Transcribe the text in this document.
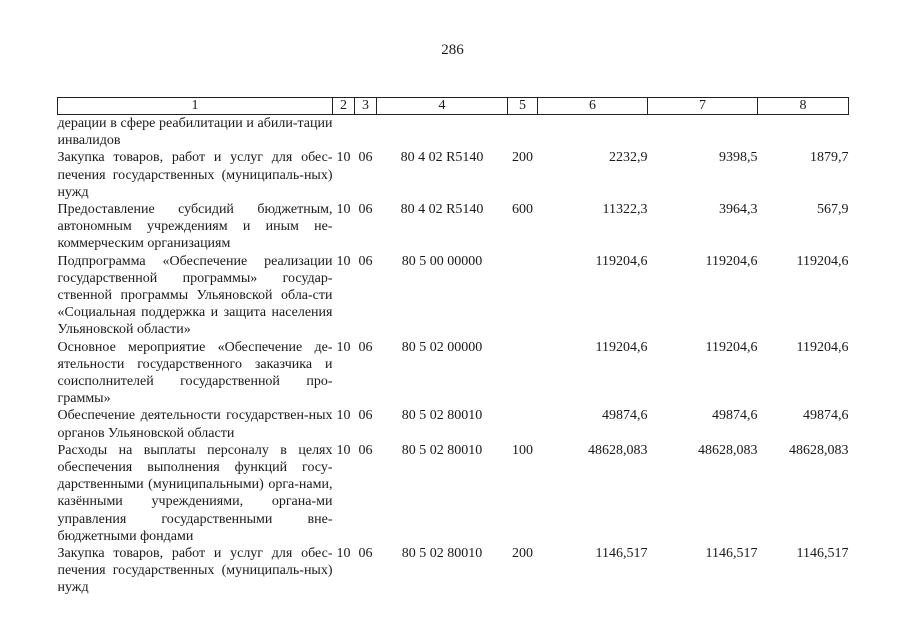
286
1	2	3	4	5	6	7	8
дерации в сфере реабилитации и абили-тации инвалидов							
Закупка товаров, работ и услуг для обес-печения государственных (муниципаль-ных) нужд	10	06	80 4 02 R5140	200	2232,9	9398,5	1879,7
Предоставление субсидий бюджетным, автономным учреждениям и иным не-коммерческим организациям	10	06	80 4 02 R5140	600	11322,3	3964,3	567,9
Подпрограмма «Обеспечение реализации государственной программы» государ-ственной программы Ульяновской обла-сти «Социальная поддержка и защита населения Ульяновской области»	10	06	80 5 00 00000		119204,6	119204,6	119204,6
Основное мероприятие «Обеспечение де-ятельности государственного заказчика и соисполнителей государственной про-граммы»	10	06	80 5 02 00000		119204,6	119204,6	119204,6
Обеспечение деятельности государствен-ных органов Ульяновской области	10	06	80 5 02 80010		49874,6	49874,6	49874,6
Расходы на выплаты персоналу в целях обеспечения выполнения функций госу-дарственными (муниципальными) орга-нами, казёнными учреждениями, органа-ми управления государственными вне-бюджетными фондами	10	06	80 5 02 80010	100	48628,083	48628,083	48628,083
Закупка товаров, работ и услуг для обес-печения государственных (муниципаль-ных) нужд	10	06	80 5 02 80010	200	1146,517	1146,517	1146,517
